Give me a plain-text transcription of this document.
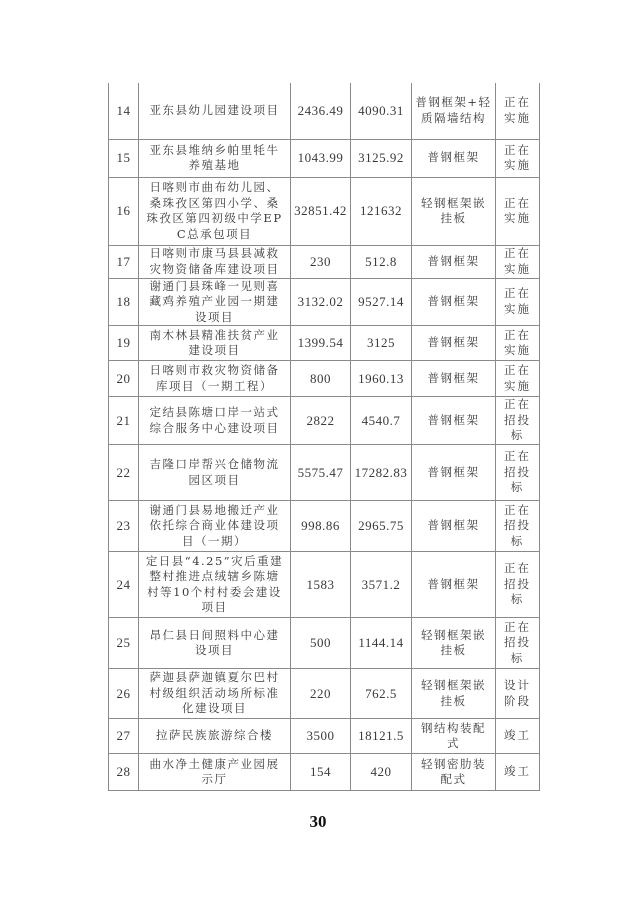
14	亚东县幼儿园建设项目	2436.49	4090.31	普钢框架+轻质隔墙结构	正在实施
15	亚东县堆纳乡帕里牦牛养殖基地	1043.99	3125.92	普钢框架	正在实施
16	日喀则市曲布幼儿园、桑珠孜区第四小学、桑珠孜区第四初级中学EPC总承包项目	32851.42	121632	轻钢框架嵌挂板	正在实施
17	日喀则市康马县县减救灾物资储备库建设项目	230	512.8	普钢框架	正在实施
18	谢通门县珠峰一见则喜藏鸡养殖产业园一期建设项目	3132.02	9527.14	普钢框架	正在实施
19	南木林县精准扶贫产业建设项目	1399.54	3125	普钢框架	正在实施
20	日喀则市救灾物资储备库项目（一期工程）	800	1960.13	普钢框架	正在实施
21	定结县陈塘口岸一站式综合服务中心建设项目	2822	4540.7	普钢框架	正在招投标
22	吉隆口岸帮兴仓储物流园区项目	5575.47	17282.83	普钢框架	正在招投标
23	谢通门县易地搬迁产业依托综合商业体建设项目（一期）	998.86	2965.75	普钢框架	正在招投标
24	定日县“4.25”灾后重建整村推进点绒辖乡陈塘村等10个村村委会建设项目	1583	3571.2	普钢框架	正在招投标
25	昂仁县日间照料中心建设项目	500	1144.14	轻钢框架嵌挂板	正在招投标
26	萨迦县萨迦镇夏尔巴村村级组织活动场所标准化建设项目	220	762.5	轻钢框架嵌挂板	设计阶段
27	拉萨民族旅游综合楼	3500	18121.5	钢结构装配式	竣工
28	曲水净土健康产业园展示厅	154	420	轻钢密肋装配式	竣工
30
